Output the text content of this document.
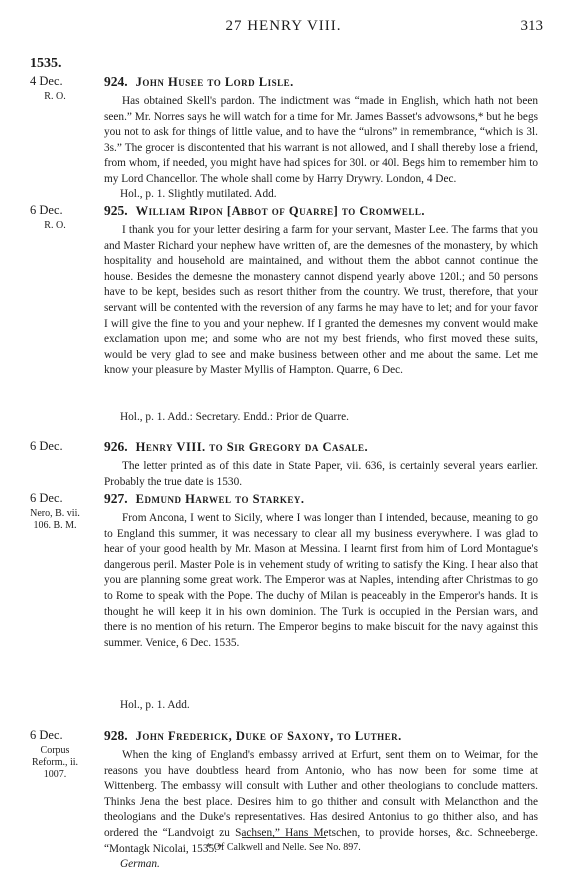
27 HENRY VIII.	313
1535.
4 Dec.
R. O.
924. John Husee to Lord Lisle.
Has obtained Skell's pardon. The indictment was “made in English, which hath not been seen.” Mr. Norres says he will watch for a time for Mr. James Basset's advowsons,* but he begs you not to ask for things of little value, and to have the “ulrons” in remembrance, “which is 3l. 3s.” The grocer is discontented that his warrant is not allowed, and I shall thereby lose a friend, from whom, if needed, you might have had spices for 30l. or 40l. Begs him to remember him to my Lord Chancellor. The whole shall come by Harry Drywry. London, 4 Dec.
Hol., p. 1. Slightly mutilated. Add.
6 Dec.
R. O.
925. William Ripon [Abbot of Quarre] to Cromwell.
I thank you for your letter desiring a farm for your servant, Master Lee. The farms that you and Master Richard your nephew have written of, are the demesnes of the monastery, by which hospitality and household are maintained, and without them the abbot cannot continue the house. Besides the demesne the monastery cannot dispend yearly above 120l.; and 50 persons have to be kept, besides such as resort thither from the country. We trust, therefore, that your servant will be contented with the reversion of any farms he may have to let; and for your favor I will give the fine to you and your nephew. If I granted the demesnes my convent would make exclamation upon me; and some who are not my best friends, who first moved these suits, would be very glad to see and make business between other and me about the same. Let me know your pleasure by Master Myllis of Hampton. Quarre, 6 Dec.
Hol., p. 1. Add.: Secretary. Endd.: Prior de Quarre.
6 Dec.	926. Henry VIII. to Sir Gregory da Casale.
The letter printed as of this date in State Paper, vii. 636, is certainly several years earlier. Probably the true date is 1530.
6 Dec.
Nero, B. vii. 106. B. M.
927. Edmund Harwel to Starkey.
From Ancona, I went to Sicily, where I was longer than I intended, because, meaning to go to England this summer, it was necessary to clear all my business everywhere. I was glad to hear of your good health by Mr. Mason at Messina. I learnt first from him of Lord Montague's dangerous peril. Master Pole is in vehement study of writing to satisfy the King. I hear also that you are planning some great work. The Emperor was at Naples, intending after Christmas to go to Rome to speak with the Pope. The duchy of Milan is peaceably in the Emperor's hands. It is thought he will keep it in his own dominion. The Turk is occupied in the Persian wars, and there is no mention of his return. The Emperor begins to make biscuit for the navy against this summer. Venice, 6 Dec. 1535.
Hol., p. 1. Add.
6 Dec.
Corpus Reform., ii. 1007.
928. John Frederick, Duke of Saxony, to Luther.
When the king of England's embassy arrived at Erfurt, sent them on to Weimar, for the reasons you have doubtless heard from Antonio, who has now been for some time at Wittenberg. The embassy will consult with Luther and other theologians to conclude matters. Thinks Jena the best place. Desires him to go thither and consult with Melancthon and the theologians and the Duke's representatives. Has desired Antonius to go thither also, and has ordered the “Landvoigt zu Sachsen,” Hans Metschen, to provide horses, &c. Schneeberge. “Montagk Nicolai, 1535.”
German.
* Of Calkwell and Nelle. See No. 897.
